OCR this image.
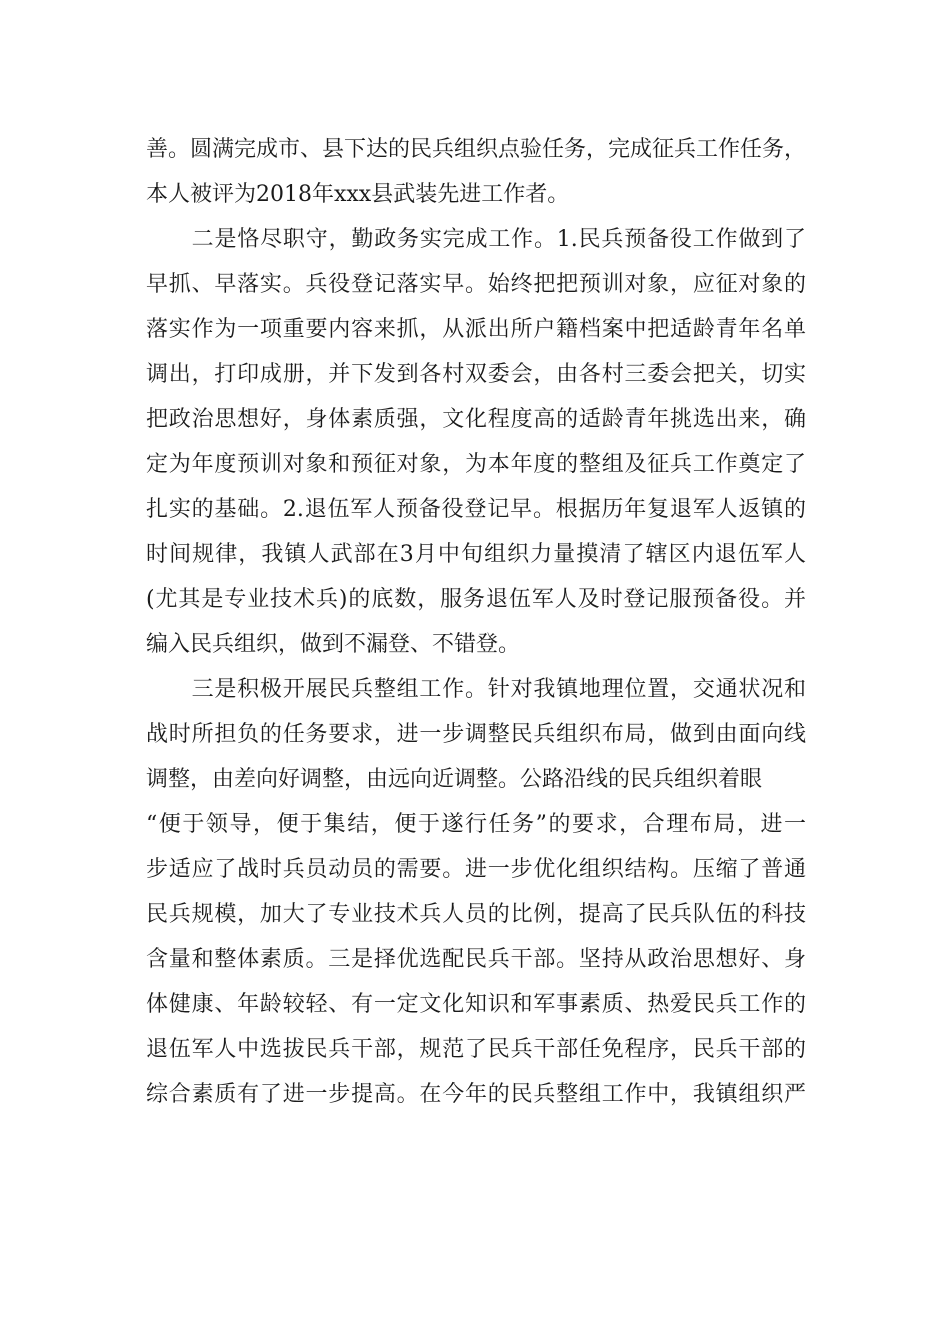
善。圆满完成市、县下达的民兵组织点验任务，完成征兵工作任务，
本人被评为2018年xxx县武装先进工作者。
　　二是恪尽职守，勤政务实完成工作。1.民兵预备役工作做到了
早抓、早落实。兵役登记落实早。始终把把预训对象，应征对象的
落实作为一项重要内容来抓，从派出所户籍档案中把适龄青年名单
调出，打印成册，并下发到各村双委会，由各村三委会把关，切实
把政治思想好，身体素质强，文化程度高的适龄青年挑选出来，确
定为年度预训对象和预征对象，为本年度的整组及征兵工作奠定了
扎实的基础。2.退伍军人预备役登记早。根据历年复退军人返镇的
时间规律，我镇人武部在3月中旬组织力量摸清了辖区内退伍军人
(尤其是专业技术兵)的底数，服务退伍军人及时登记服预备役。并
编入民兵组织，做到不漏登、不错登。
　　三是积极开展民兵整组工作。针对我镇地理位置，交通状况和
战时所担负的任务要求，进一步调整民兵组织布局，做到由面向线
调整，由差向好调整，由远向近调整。公路沿线的民兵组织着眼
“便于领导，便于集结，便于遂行任务”的要求，合理布局，进一
步适应了战时兵员动员的需要。进一步优化组织结构。压缩了普通
民兵规模，加大了专业技术兵人员的比例，提高了民兵队伍的科技
含量和整体素质。三是择优选配民兵干部。坚持从政治思想好、身
体健康、年龄较轻、有一定文化知识和军事素质、热爱民兵工作的
退伍军人中选拔民兵干部，规范了民兵干部任免程序，民兵干部的
综合素质有了进一步提高。在今年的民兵整组工作中，我镇组织严
